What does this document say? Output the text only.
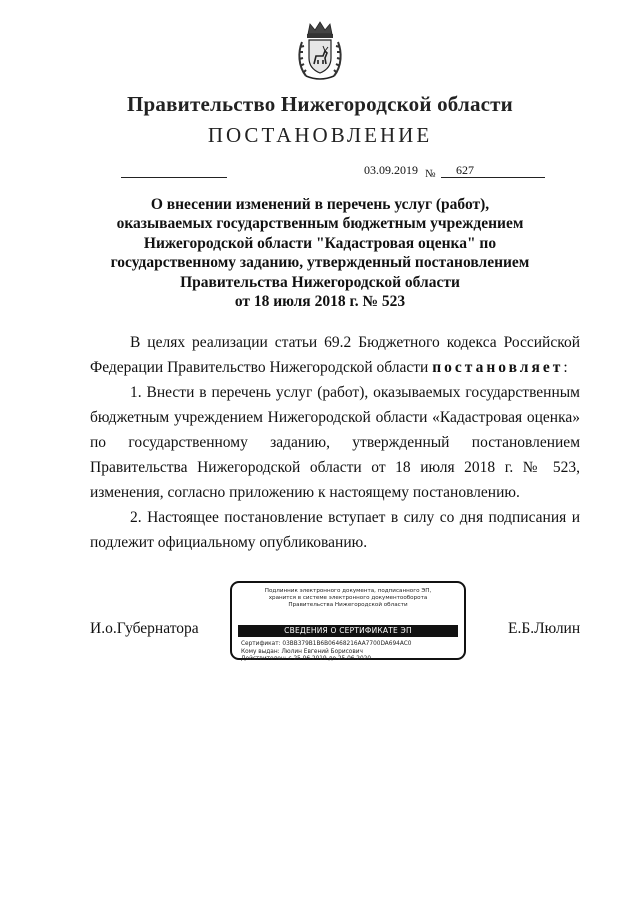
Правительство Нижегородской области
ПОСТАНОВЛЕНИЕ
03.09.2019 № 627
О внесении изменений в перечень услуг (работ),
оказываемых государственным бюджетным учреждением
Нижегородской области "Кадастровая оценка" по
государственному заданию, утвержденный постановлением
Правительства Нижегородской области
от 18 июля 2018 г. № 523

В целях реализации статьи 69.2 Бюджетного кодекса Российской Федерации Правительство Нижегородской области постановляет:

1. Внести в перечень услуг (работ), оказываемых государственным бюджетным учреждением Нижегородской области «Кадастровая оценка» по государственному заданию, утвержденный постановлением Правительства Нижегородской области от 18 июля 2018 г. № 523, изменения, согласно приложению к настоящему постановлению.

2. Настоящее постановление вступает в силу со дня подписания и подлежит официальному опубликованию.

И.о.Губернатора	Е.Б.Люлин
Подлинник электронного документа, подписанного ЭП,
хранится в системе электронного документооборота
Правительства Нижегородской области
СВЕДЕНИЯ О СЕРТИФИКАТЕ ЭП
Сертификат: 03BB379B1B6B06468216AA7700DA694AC0
Кому выдан: Люлин Евгений Борисович
Действителен: с 25.06.2019 до 25.06.2020
